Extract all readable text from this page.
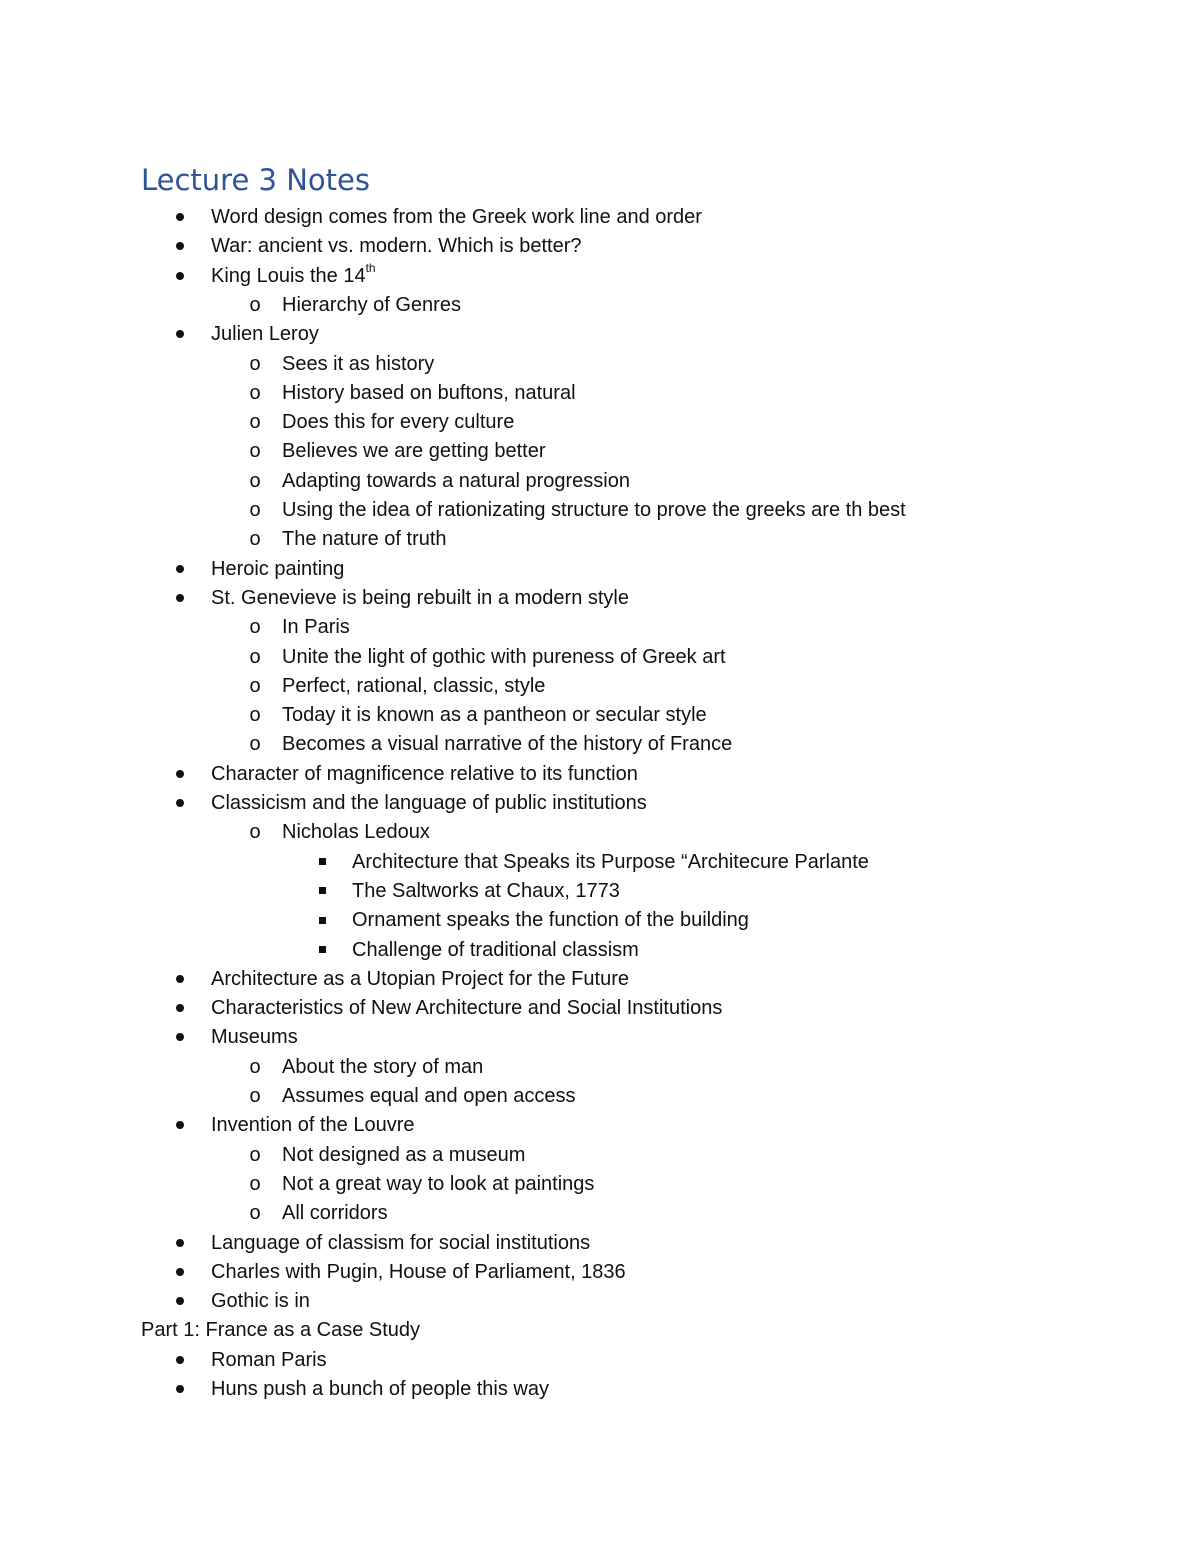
Lecture 3 Notes
Word design comes from the Greek work line and order
War: ancient vs. modern. Which is better?
King Louis the 14th
o Hierarchy of Genres
Julien Leroy
o Sees it as history
o History based on buftons, natural
o Does this for every culture
o Believes we are getting better
o Adapting towards a natural progression
o Using the idea of rationizating structure to prove the greeks are th best
o The nature of truth
Heroic painting
St. Genevieve is being rebuilt in a modern style
o In Paris
o Unite the light of gothic with pureness of Greek art
o Perfect, rational, classic, style
o Today it is known as a pantheon or secular style
o Becomes a visual narrative of the history of France
Character of magnificence relative to its function
Classicism and the language of public institutions
o Nicholas Ledoux
Architecture that Speaks its Purpose “Architecure Parlante
The Saltworks at Chaux, 1773
Ornament speaks the function of the building
Challenge of traditional classism
Architecture as a Utopian Project for the Future
Characteristics of New Architecture and Social Institutions
Museums
o About the story of man
o Assumes equal and open access
Invention of the Louvre
o Not designed as a museum
o Not a great way to look at paintings
o All corridors
Language of classism for social institutions
Charles with Pugin, House of Parliament, 1836
Gothic is in
Part 1: France as a Case Study
Roman Paris
Huns push a bunch of people this way
